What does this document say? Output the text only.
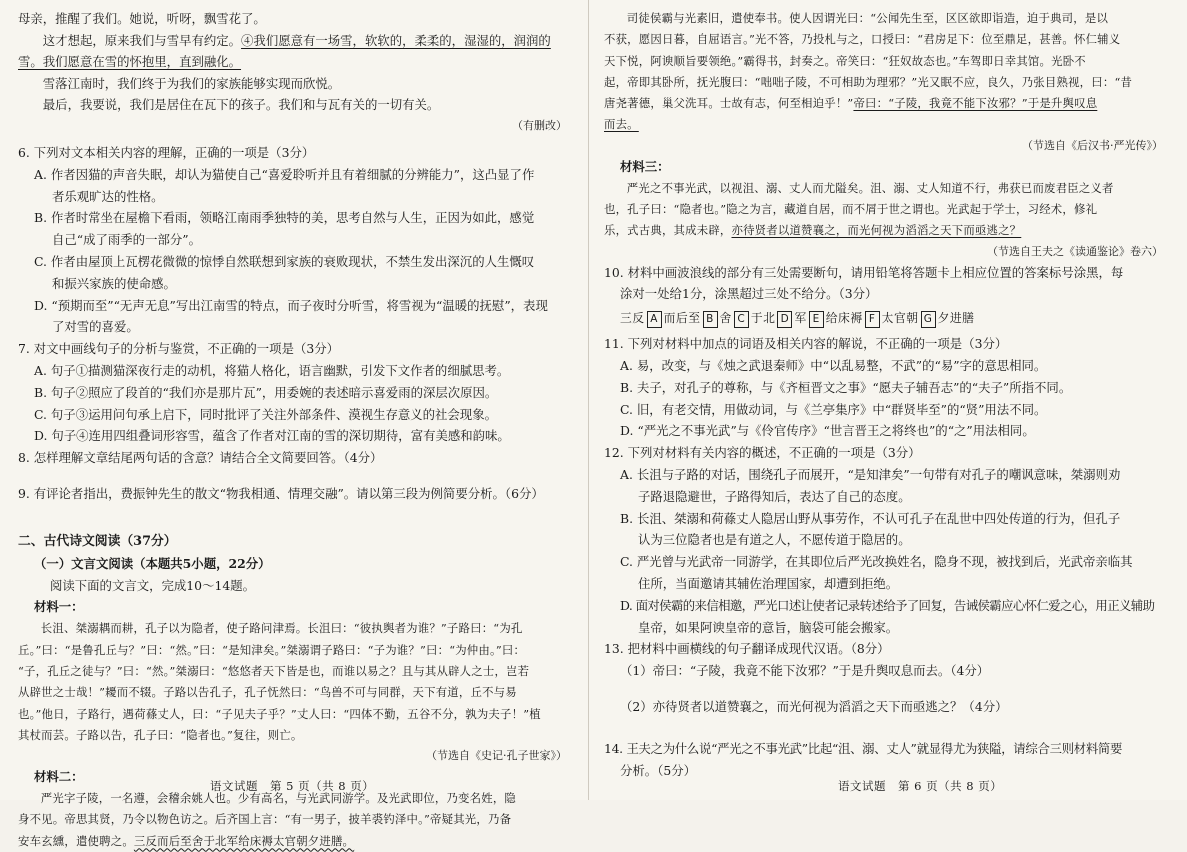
母亲，推醒了我们。她说，听呀，飘雪花了。

这才想起，原来我们与雪早有约定。④我们愿意有一场雪，软软的，柔柔的，湿湿的，润润的

雪。我们愿意在雪的怀抱里，直到融化。

雪落江南时，我们终于为我们的家族能够实现而欣悦。

最后，我要说，我们是居住在瓦下的孩子。我们和与瓦有关的一切有关。

（有删改）

6. 下列对文本相关内容的理解，正确的一项是（3分）

A. 作者因猫的声音失眠，却认为猫使自己“喜爱聆听并且有着细腻的分辨能力”，这凸显了作
者乐观旷达的性格。

B. 作者时常坐在屋檐下看雨，领略江南雨季独特的美，思考自然与人生，正因为如此，感觉
自己“成了雨季的一部分”。

C. 作者由屋顶上瓦楞花微微的惊悸自然联想到家族的衰败现状，不禁生发出深沉的人生慨叹
和振兴家族的使命感。

D. “预期而至”“无声无息”写出江南雪的特点，而子夜时分听雪，将雪视为“温暖的抚慰”，表现
了对雪的喜爱。

7. 对文中画线句子的分析与鉴赏，不正确的一项是（3分）

A. 句子①描测猫深夜行走的动机，将猫人格化，语言幽默，引发下文作者的细腻思考。

B. 句子②照应了段首的“我们亦是那片瓦”，用委婉的表述暗示喜爱雨的深层次原因。

C. 句子③运用问句承上启下，同时批评了关注外部条件、漠视生存意义的社会现象。

D. 句子④连用四组叠词形容雪，蕴含了作者对江南的雪的深切期待，富有美感和韵味。

8. 怎样理解文章结尾两句话的含意？请结合全文简要回答。（4分）

9. 有评论者指出，费振钟先生的散文“物我相通、情理交融”。请以第三段为例简要分析。（6分）

二、古代诗文阅读（37分）

（一）文言文阅读（本题共5小题，22分）

阅读下面的文言文，完成10～14题。

材料一：

长沮、桀溺耦而耕，孔子以为隐者，使子路问津焉。长沮曰：“彼执舆者为谁？”子路曰：“为孔

丘。”曰：“是鲁孔丘与？”曰：“然。”曰：“是知津矣。”桀溺谓子路曰：“子为谁？”曰：“为仲由。”曰：

“子，孔丘之徒与？”曰：“然。”桀溺曰：“悠悠者天下皆是也，而谁以易之？且与其从辟人之士，岂若

从辟世之士哉！”耰而不辍。子路以告孔子，孔子怃然曰：“鸟兽不可与同群，天下有道，丘不与易

也。”他日，子路行，遇荷蓧丈人，曰：“子见夫子乎？”丈人曰：“四体不勤，五谷不分，孰为夫子！”植

其杖而芸。子路以告，孔子曰：“隐者也。”复往，则亡。

（节选自《史记·孔子世家》）

材料二：

严光字子陵，一名遵，会稽余姚人也。少有高名，与光武同游学。及光武即位，乃变名姓，隐

身不见。帝思其贤，乃令以物色访之。后齐国上言：“有一男子，披羊裘钓泽中。”帝疑其光，乃备

安车玄纁，遣使聘之。三反而后至舍于北军给床褥太官朝夕进膳。

语文试题　第 5 页（共 8 页）

司徒侯霸与光素旧，遣使奉书。使人因谓光曰：“公闻先生至，区区欲即诣造，迫于典司，是以

不获，愿因日暮，自屈语言。”光不答，乃投札与之，口授曰：“君房足下：位至鼎足，甚善。怀仁辅义

天下悦，阿谀顺旨要领绝。”霸得书，封奏之。帝笑曰：“狂奴故态也。”车驾即日幸其馆。光卧不

起，帝即其卧所，抚光腹曰：“咄咄子陵，不可相助为理邪？”光又眠不应，良久，乃张目熟视，曰：“昔

唐尧著德，巢父洗耳。士故有志，何至相迫乎！”帝曰：“子陵，我竟不能下汝邪？”于是升舆叹息

而去。

（节选自《后汉书·严光传》）

材料三：

严光之不事光武，以视沮、溺、丈人而尤隘矣。沮、溺、丈人知道不行，弗获已而废君臣之义者

也，孔子曰：“隐者也。”隐之为言，藏道自居，而不屑于世之谓也。光武起于学士，习经术，修礼

乐，式古典，其成未辟，亦待贤者以道赞襄之，而光何视为滔滔之天下而亟逃之？

（节选自王夫之《读通鉴论》卷六）

10. 材料中画波浪线的部分有三处需要断句，请用铅笔将答题卡上相应位置的答案标号涂黑，每

涂对一处给1分，涂黑超过三处不给分。（3分）

三反 A 而后至 B 舍 C 于北 D 军 E 给床褥 F 太官朝 G 夕进膳

11. 下列对材料中加点的词语及相关内容的解说，不正确的一项是（3分）

A. 易，改变，与《烛之武退秦师》中“以乱易整，不武”的“易”字的意思相同。

B. 夫子，对孔子的尊称，与《齐桓晋文之事》“愿夫子辅吾志”的“夫子”所指不同。

C. 旧，有老交情，用做动词，与《兰亭集序》中“群贤毕至”的“贤”用法不同。

D. “严光之不事光武”与《伶官传序》“世言晋王之将终也”的“之”用法相同。

12. 下列对材料有关内容的概述，不正确的一项是（3分）

A. 长沮与子路的对话，围绕孔子而展开，“是知津矣”一句带有对孔子的嘲讽意味，桀溺则劝
子路退隐避世，子路得知后，表达了自己的态度。

B. 长沮、桀溺和荷蓧丈人隐居山野从事劳作，不认可孔子在乱世中四处传道的行为，但孔子
认为三位隐者也是有道之人，不愿传道于隐居的。

C. 严光曾与光武帝一同游学，在其即位后严光改换姓名，隐身不现，被找到后，光武帝亲临其
住所，当面邀请其辅佐治理国家，却遭到拒绝。

D. 面对侯霸的来信相邀，严光口述让使者记录转述给予了回复，告诫侯霸应心怀仁爱之心，用正义辅助
皇帝，如果阿谀皇帝的意旨，脑袋可能会搬家。

13. 把材料中画横线的句子翻译成现代汉语。（8分）

（1）帝曰：“子陵，我竟不能下汝邪？”于是升舆叹息而去。（4分）

（2）亦待贤者以道赞襄之，而光何视为滔滔之天下而亟逃之？（4分）

14. 王夫之为什么说“严光之不事光武”比起“沮、溺、丈人”就显得尤为狭隘，请综合三则材料简要

分析。（5分）

语文试题　第 6 页（共 8 页）
